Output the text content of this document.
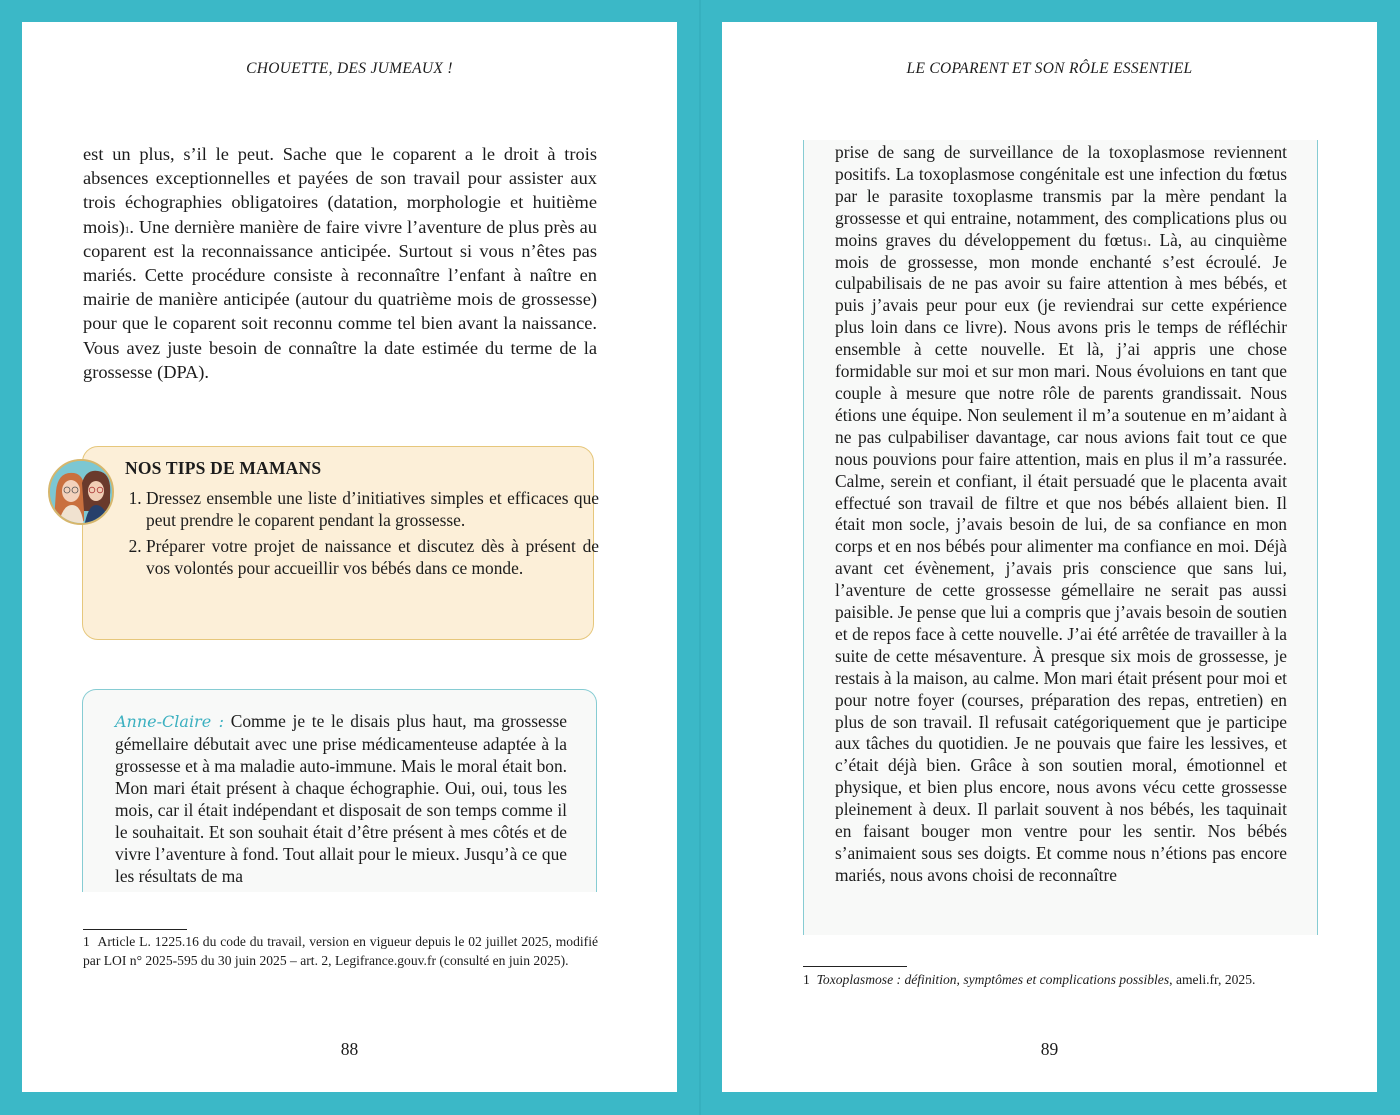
CHOUETTE, DES JUMEAUX !

est un plus, s’il le peut. Sache que le coparent a le droit à trois absences exceptionnelles et payées de son travail pour assister aux trois échographies obligatoires (datation, morphologie et huitième mois)$^1$. Une dernière manière de faire vivre l’aventure de plus près au coparent est la reconnaissance anticipée. Surtout si vous n’êtes pas mariés. Cette procédure consiste à reconnaître l’enfant à naître en mairie de manière anticipée (autour du quatrième mois de grossesse) pour que le coparent soit reconnu comme tel bien avant la naissance. Vous avez juste besoin de connaître la date estimée du terme de la grossesse (DPA).

NOS TIPS DE MAMANS
1. Dressez ensemble une liste d’initiatives simples et efficaces que peut prendre le coparent pendant la grossesse.
2. Préparer votre projet de naissance et discutez dès à présent de vos volontés pour accueillir vos bébés dans ce monde.
Anne-Claire : Comme je te le disais plus haut, ma grossesse gémellaire débutait avec une prise médicamenteuse adaptée à la grossesse et à ma maladie auto-immune. Mais le moral était bon. Mon mari était présent à chaque échographie. Oui, oui, tous les mois, car il était indépendant et disposait de son temps comme il le souhaitait. Et son souhait était d’être présent à mes côtés et de vivre l’aventure à fond. Tout allait pour le mieux. Jusqu’à ce que les résultats de ma
1 Article L. 1225.16 du code du travail, version en vigueur depuis le 02 juillet 2025, modifié par LOI n° 2025-595 du 30 juin 2025 – art. 2, Legifrance.gouv.fr (consulté en juin 2025).
88
LE COPARENT ET SON RÔLE ESSENTIEL
prise de sang de surveillance de la toxoplasmose reviennent positifs. La toxoplasmose congénitale est une infection du fœtus par le parasite toxoplasme transmis par la mère pendant la grossesse et qui entraine, notamment, des complications plus ou moins graves du développement du fœtus$^1$. Là, au cinquième mois de grossesse, mon monde enchanté s’est écroulé. Je culpabilisais de ne pas avoir su faire attention à mes bébés, et puis j’avais peur pour eux (je reviendrai sur cette expérience plus loin dans ce livre). Nous avons pris le temps de réfléchir ensemble à cette nouvelle. Et là, j’ai appris une chose formidable sur moi et sur mon mari. Nous évoluions en tant que couple à mesure que notre rôle de parents grandissait. Nous étions une équipe. Non seulement il m’a soutenue en m’aidant à ne pas culpabiliser davantage, car nous avions fait tout ce que nous pouvions pour faire attention, mais en plus il m’a rassurée. Calme, serein et confiant, il était persuadé que le placenta avait effectué son travail de filtre et que nos bébés allaient bien. Il était mon socle, j’avais besoin de lui, de sa confiance en mon corps et en nos bébés pour alimenter ma confiance en moi. Déjà avant cet évènement, j’avais pris conscience que sans lui, l’aventure de cette grossesse gémellaire ne serait pas aussi paisible. Je pense que lui a compris que j’avais besoin de soutien et de repos face à cette nouvelle. J’ai été arrêtée de travailler à la suite de cette mésaventure. À presque six mois de grossesse, je restais à la maison, au calme. Mon mari était présent pour moi et pour notre foyer (courses, préparation des repas, entretien) en plus de son travail. Il refusait catégoriquement que je participe aux tâches du quotidien. Je ne pouvais que faire les lessives, et c’était déjà bien. Grâce à son soutien moral, émotionnel et physique, et bien plus encore, nous avons vécu cette grossesse pleinement à deux. Il parlait souvent à nos bébés, les taquinait en faisant bouger mon ventre pour les sentir. Nos bébés s’animaient sous ses doigts. Et comme nous n’étions pas encore mariés, nous avons choisi de reconnaître
1 Toxoplasmose : définition, symptômes et complications possibles, ameli.fr, 2025.
89
